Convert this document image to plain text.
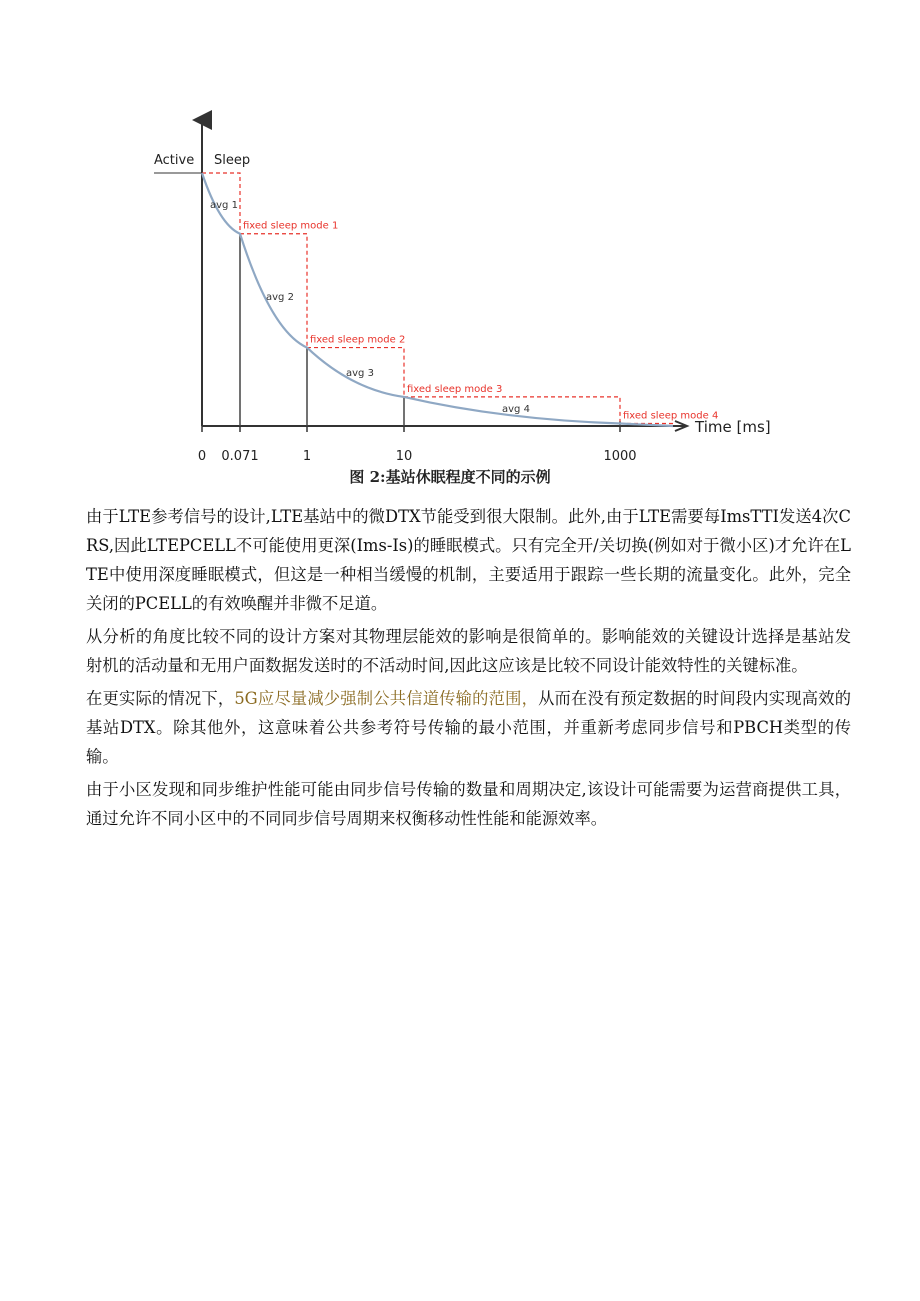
0 0.071	1	10	1000
Time [ms]
Active Sleep
fixed sleep mode 1
fixed sleep mode 2
fixed sleep mode 3
fixed sleep mode 4
avg 1
avg 2
avg 3
avg 4
图 2:基站休眠程度不同的示例

由于LTE参考信号的设计,LTE基站中的微DTX节能受到很大限制。此外,由于LTE需要每ImsTTI发送4次CRS,因此LTEPCELL不可能使用更深(Ims-Is)的睡眠模式。只有完全开/关切换(例如对于微小区)才允许在LTE中使用深度睡眠模式，但这是一种相当缓慢的机制，主要适用于跟踪一些长期的流量变化。此外，完全关闭的PCELL的有效唤醒并非微不足道。

从分析的角度比较不同的设计方案对其物理层能效的影响是很简单的。影响能效的关键设计选择是基站发射机的活动量和无用户面数据发送时的不活动时间,因此这应该是比较不同设计能效特性的关键标准。

在更实际的情况下，5G应尽量减少强制公共信道传输的范围，从而在没有预定数据的时间段内实现高效的基站DTX。除其他外，这意味着公共参考符号传输的最小范围，并重新考虑同步信号和PBCH类型的传输。

由于小区发现和同步维护性能可能由同步信号传输的数量和周期决定,该设计可能需要为运营商提供工具，通过允许不同小区中的不同同步信号周期来权衡移动性性能和能源效率。
